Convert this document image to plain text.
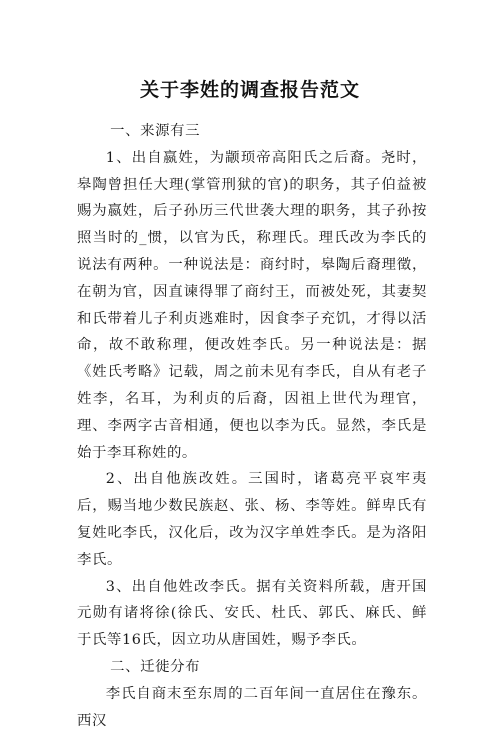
关于李姓的调查报告范文

一、来源有三

1、出自嬴姓，为颛顼帝高阳氏之后裔。尧时，皋陶曾担任大理(掌管刑狱的官)的职务，其子伯益被赐为嬴姓，后子孙历三代世袭大理的职务，其子孙按照当时的_惯，以官为氏，称理氏。理氏改为李氏的说法有两种。一种说法是：商纣时，皋陶后裔理徵，在朝为官，因直谏得罪了商纣王，而被处死，其妻契和氏带着儿子利贞逃难时，因食李子充饥，才得以活命，故不敢称理，便改姓李氏。另一种说法是：据《姓氏考略》记载，周之前未见有李氏，自从有老子姓李，名耳，为利贞的后裔，因祖上世代为理官，理、李两字古音相通，便也以李为氏。显然，李氏是始于李耳称姓的。

2、出自他族改姓。三国时，诸葛亮平哀牢夷后，赐当地少数民族赵、张、杨、李等姓。鲜卑氏有复姓叱李氏，汉化后，改为汉字单姓李氏。是为洛阳李氏。

3、出自他姓改李氏。据有关资料所载，唐开国元勋有诸将徐(徐氏、安氏、杜氏、郭氏、麻氏、鲜于氏等16氏，因立功从唐国姓，赐予李氏。

二、迁徙分布

李氏自商末至东周的二百年间一直居住在豫东。西汉
